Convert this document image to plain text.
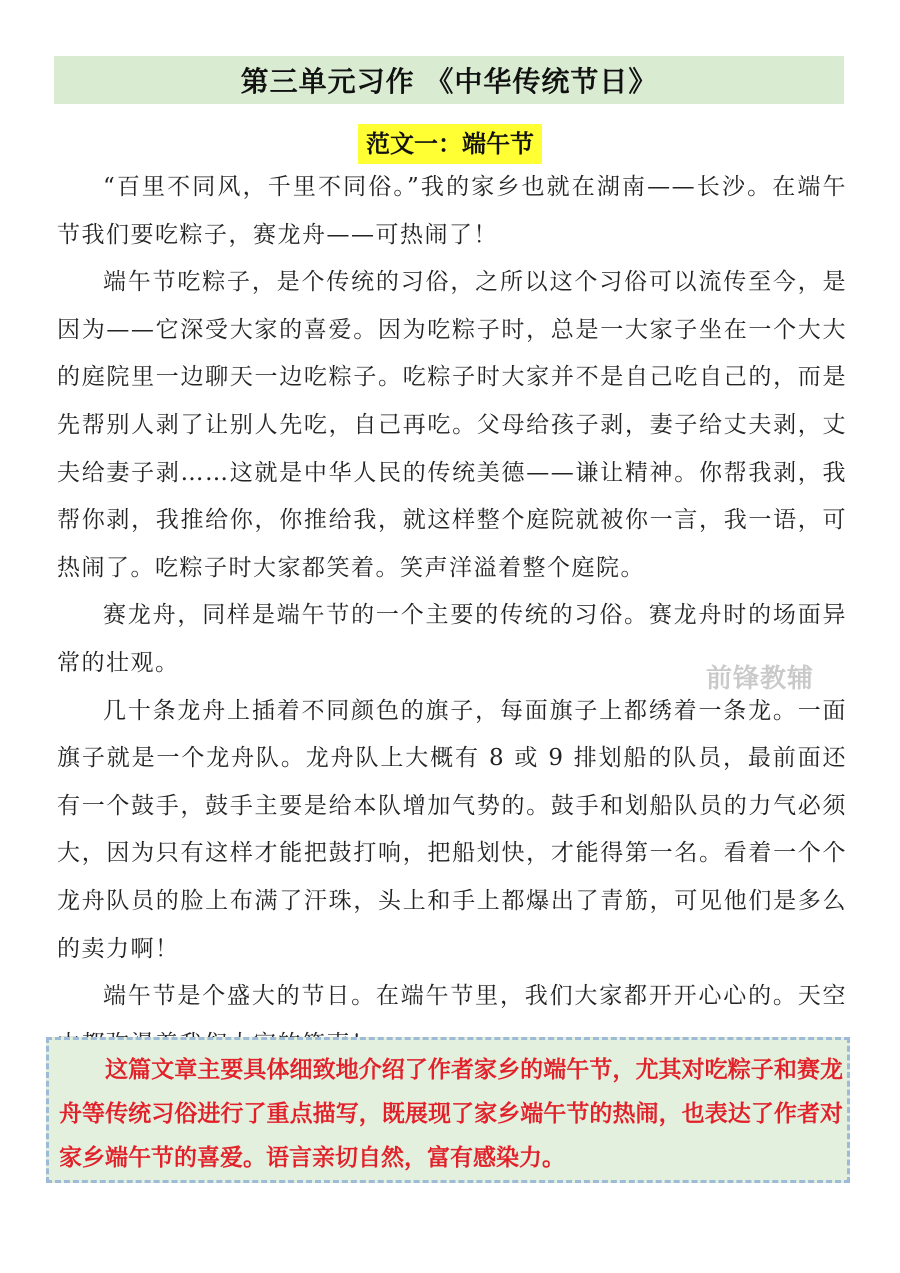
第三单元习作 《中华传统节日》
范文一：端午节

“百里不同风，千里不同俗。”我的家乡也就在湖南——长沙。在端午节我们要吃粽子，赛龙舟——可热闹了！

端午节吃粽子，是个传统的习俗，之所以这个习俗可以流传至今，是因为——它深受大家的喜爱。因为吃粽子时，总是一大家子坐在一个大大的庭院里一边聊天一边吃粽子。吃粽子时大家并不是自己吃自己的，而是先帮别人剥了让别人先吃，自己再吃。父母给孩子剥，妻子给丈夫剥，丈夫给妻子剥……这就是中华人民的传统美德——谦让精神。你帮我剥，我帮你剥，我推给你，你推给我，就这样整个庭院就被你一言，我一语，可热闹了。吃粽子时大家都笑着。笑声洋溢着整个庭院。

赛龙舟，同样是端午节的一个主要的传统的习俗。赛龙舟时的场面异常的壮观。

几十条龙舟上插着不同颜色的旗子，每面旗子上都绣着一条龙。一面旗子就是一个龙舟队。龙舟队上大概有 8 或 9 排划船的队员，最前面还有一个鼓手，鼓手主要是给本队增加气势的。鼓手和划船队员的力气必须大，因为只有这样才能把鼓打响，把船划快，才能得第一名。看着一个个龙舟队员的脸上布满了汗珠，头上和手上都爆出了青筋，可见他们是多么的卖力啊！

端午节是个盛大的节日。在端午节里，我们大家都开开心心的。天空

前锋教辅

这篇文章主要具体细致地介绍了作者家乡的端午节，尤其对吃粽子和赛龙舟等传统习俗进行了重点描写，既展现了家乡端午节的热闹，也表达了作者对家乡端午节的喜爱。语言亲切自然，富有感染力。
